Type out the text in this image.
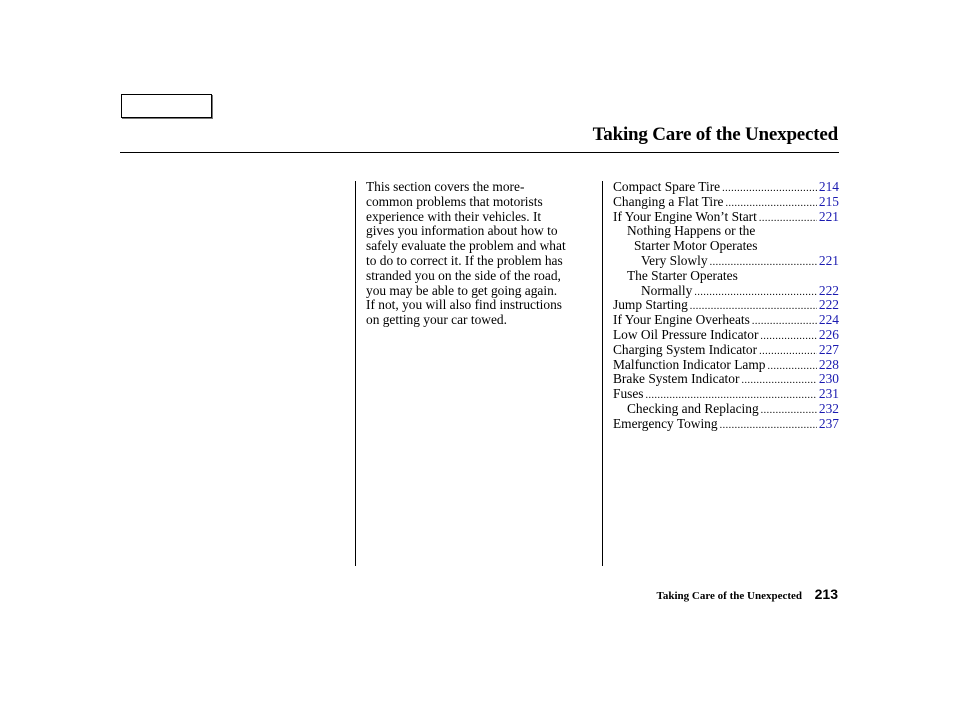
Taking Care of the Unexpected
This section covers the more-
common problems that motorists
experience with their vehicles. It
gives you information about how to
safely evaluate the problem and what
to do to correct it. If the problem has
stranded you on the side of the road,
you may be able to get going again.
If not, you will also find instructions
on getting your car towed.
Compact Spare Tire .....	214
Changing a Flat Tire .....	215
If Your Engine Won’t Start .....	221
Nothing Happens or the
Starter Motor Operates
Very Slowly .....	221
The Starter Operates
Normally .....	222
Jump Starting .....	222
If Your Engine Overheats .....	224
Low Oil Pressure Indicator .....	226
Charging System Indicator .....	227
Malfunction Indicator Lamp .....	228
Brake System Indicator .....	230
Fuses .....	231
Checking and Replacing .....	232
Emergency Towing .....	237
Taking Care of the Unexpected 213
